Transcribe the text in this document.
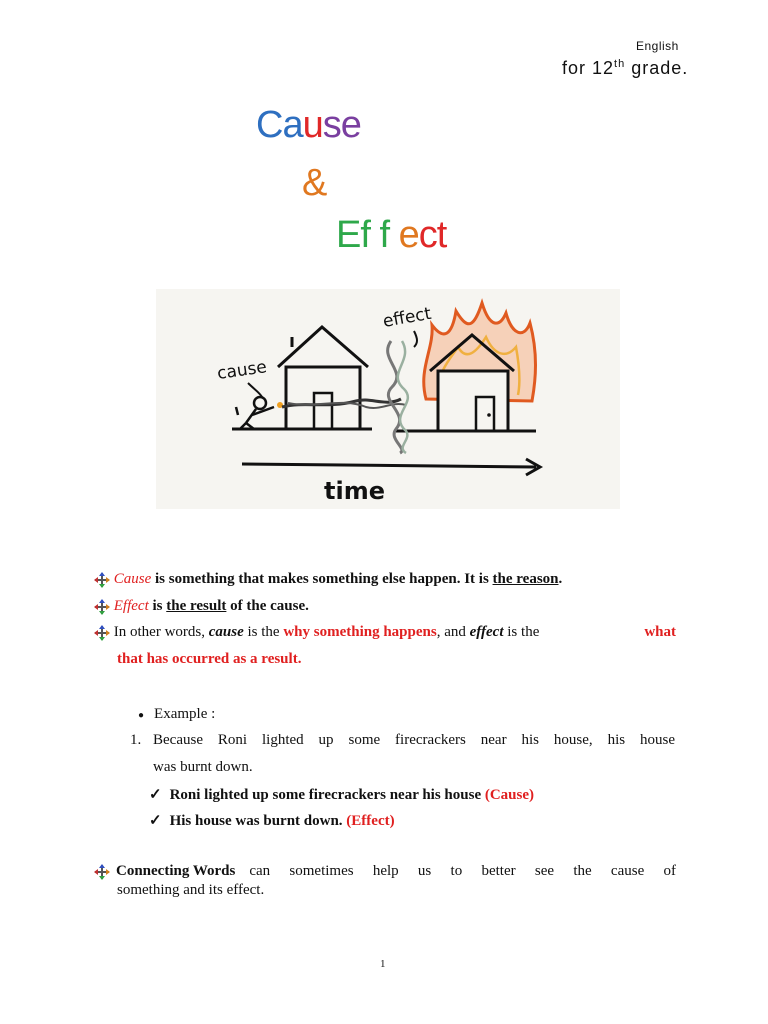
English
for 12th grade.
Cause
&
Ef f ect
cause
effect
time
Cause is something that makes something else happen. It is the reason.
Effect is the result of the cause.
In other words, cause is the why something happens, and effect is the	what
that has occurred as a result.
● Example :
1. Because Roni lighted up some firecrackers near his house, his house
was burnt down.
✓ Roni lighted up some firecrackers near his house (Cause)
✓ His house was burnt down. (Effect)
Connecting Words can sometimes help us to better see the cause of
something and its effect.
1
